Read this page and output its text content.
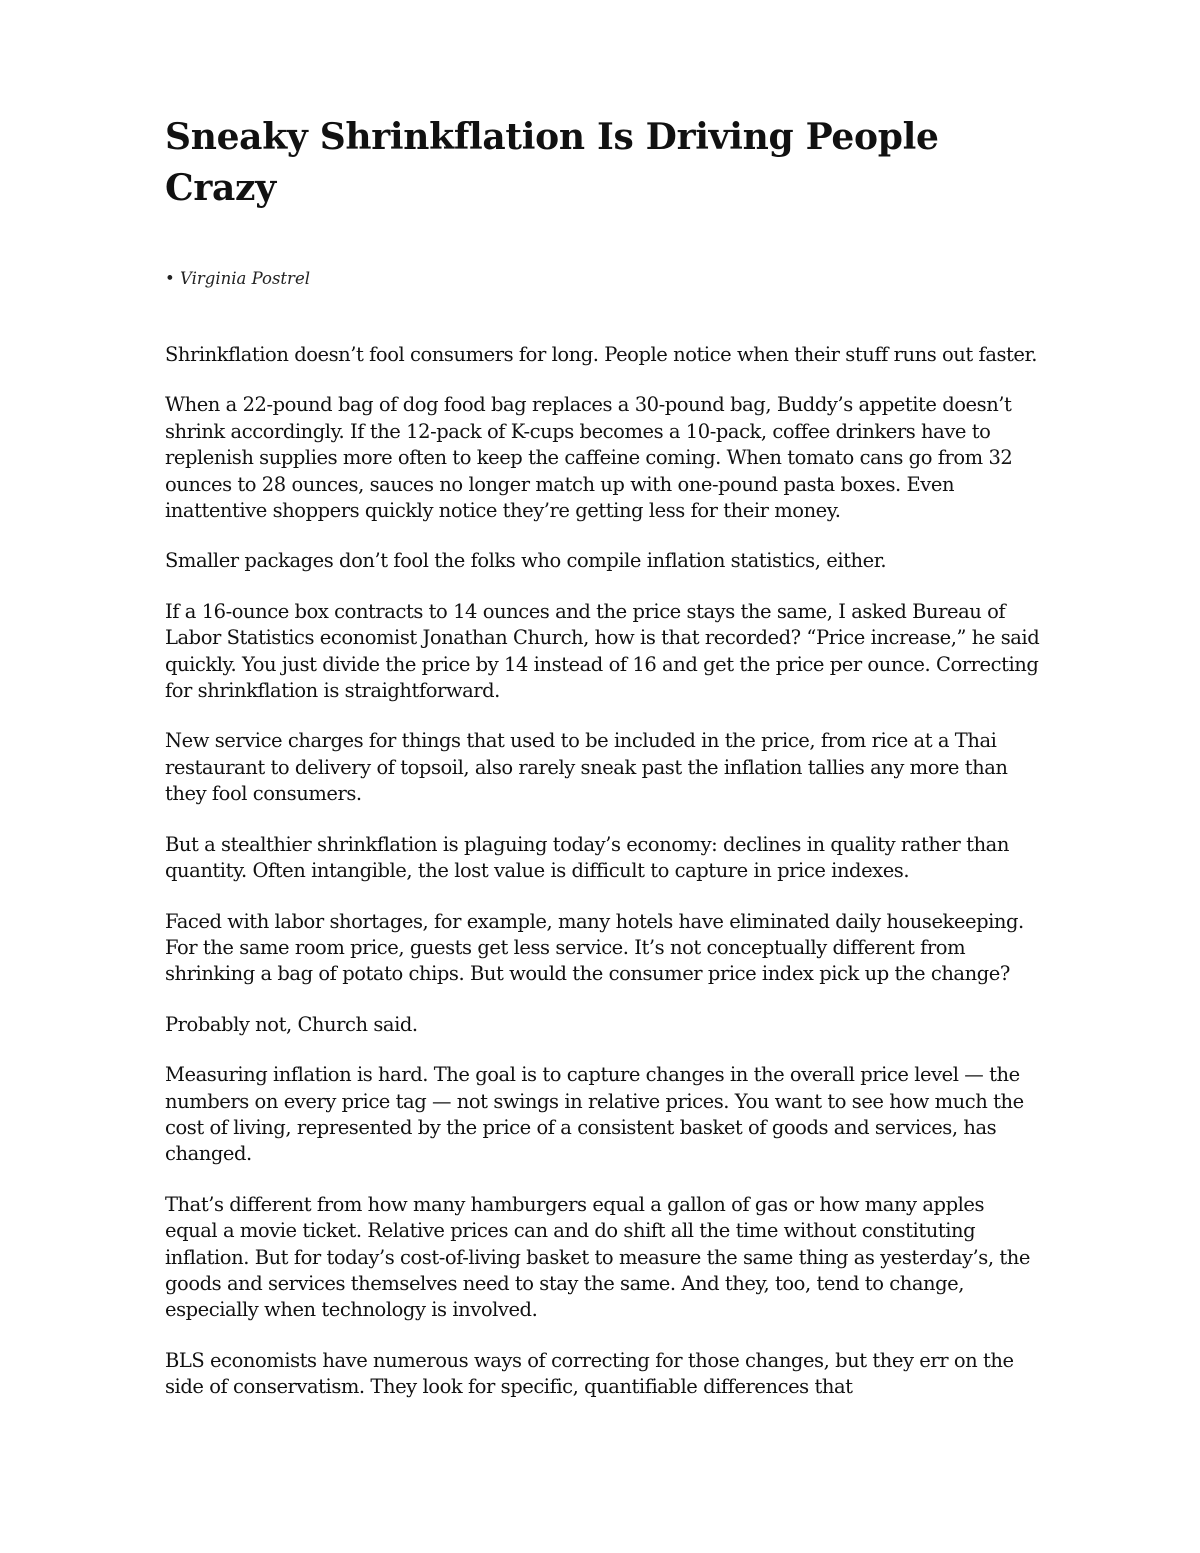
Sneaky Shrinkflation Is Driving People Crazy
• Virginia Postrel

Shrinkflation doesn’t fool consumers for long. People notice when their stuff runs out faster.

When a 22-pound bag of dog food bag replaces a 30-pound bag, Buddy’s appetite doesn’t shrink accordingly. If the 12-pack of K-cups becomes a 10-pack, coffee drinkers have to replenish supplies more often to keep the caffeine coming. When tomato cans go from 32 ounces to 28 ounces, sauces no longer match up with one-pound pasta boxes. Even inattentive shoppers quickly notice they’re getting less for their money.

Smaller packages don’t fool the folks who compile inflation statistics, either.

If a 16-ounce box contracts to 14 ounces and the price stays the same, I asked Bureau of Labor Statistics economist Jonathan Church, how is that recorded? “Price increase,” he said quickly. You just divide the price by 14 instead of 16 and get the price per ounce. Correcting for shrinkflation is straightforward.

New service charges for things that used to be included in the price, from rice at a Thai restaurant to delivery of topsoil, also rarely sneak past the inflation tallies any more than they fool consumers.

But a stealthier shrinkflation is plaguing today’s economy: declines in quality rather than quantity. Often intangible, the lost value is difficult to capture in price indexes.

Faced with labor shortages, for example, many hotels have eliminated daily housekeeping. For the same room price, guests get less service. It’s not conceptually different from shrinking a bag of potato chips. But would the consumer price index pick up the change?

Probably not, Church said.

Measuring inflation is hard. The goal is to capture changes in the overall price level — the numbers on every price tag — not swings in relative prices. You want to see how much the cost of living, represented by the price of a consistent basket of goods and services, has changed.

That’s different from how many hamburgers equal a gallon of gas or how many apples equal a movie ticket. Relative prices can and do shift all the time without constituting inflation. But for today’s cost-of-living basket to measure the same thing as yesterday’s, the goods and services themselves need to stay the same. And they, too, tend to change, especially when technology is involved.

BLS economists have numerous ways of correcting for those changes, but they err on the side of conservatism. They look for specific, quantifiable differences that
